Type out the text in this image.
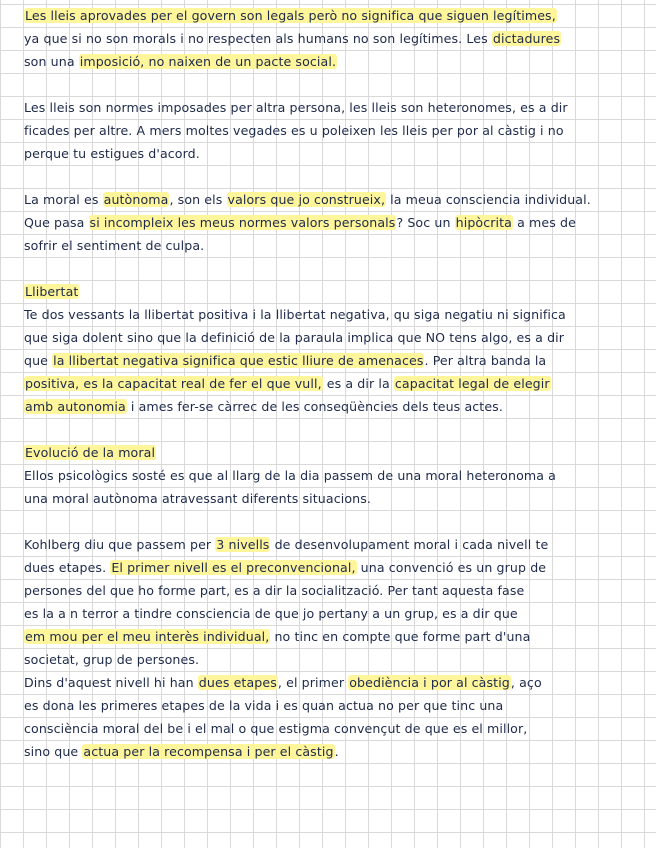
Les lleis aprovades per el govern son legals però no significa que siguen legítimes,
ya que si no son morals i no respecten als humans no son legítimes. Les dictadures
son una imposició, no naixen de un pacte social.
Les lleis son normes imposades per altra persona, les lleis son heteronomes, es a dir
ficades per altre. A mers moltes vegades es u poleixen les lleis per por al càstig i no
perque tu estigues d'acord.
La moral es autònoma, son els valors que jo construeix, la meua consciencia individual.
Que pasa si incompleix les meus normes valors personals? Soc un hipòcrita a mes de
sofrir el sentiment de culpa.
Llibertat
Te dos vessants la llibertat positiva i la llibertat negativa, qu siga negatiu ni significa
que siga dolent sino que la definició de la paraula implica que NO tens algo, es a dir
que la llibertat negativa significa que estic lliure de amenaces. Per altra banda la
positiva, es la capacitat real de fer el que vull, es a dir la capacitat legal de elegir
amb autonomia i ames fer-se càrrec de les conseqüències dels teus actes.
Evolució de la moral
Ellos psicològics sosté es que al llarg de la dia passem de una moral heteronoma a
una moral autònoma atravessant diferents situacions.
Kohlberg diu que passem per 3 nivells de desenvolupament moral i cada nivell te
dues etapes. El primer nivell es el preconvencional, una convenció es un grup de
persones del que ho forme part, es a dir la socialització. Per tant aquesta fase
es la a n terror a tindre consciencia de que jo pertany a un grup, es a dir que
em mou per el meu interès individual, no tinc en compte que forme part d'una
societat, grup de persones.
Dins d'aquest nivell hi han dues etapes, el primer obediència i por al càstig, aço
es dona les primeres etapes de la vida i es quan actua no per que tinc una
consciència moral del be i el mal o que estigma convençut de que es el millor,
sino que actua per la recompensa i per el càstig.
